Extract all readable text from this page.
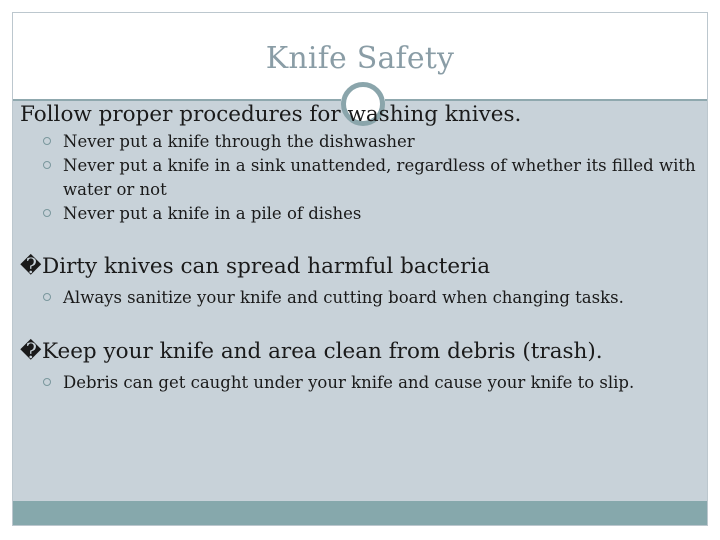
Knife Safety

Follow proper procedures for washing knives.

Never put a knife through the dishwasher
Never put a knife in a sink unattended, regardless of whether its filled with water or not
Never put a knife in a pile of dishes

�Dirty knives can spread harmful bacteria

Always sanitize your knife and cutting board when changing tasks.

�Keep your knife and area clean from debris (trash).

Debris can get caught under your knife and cause your knife to slip.
